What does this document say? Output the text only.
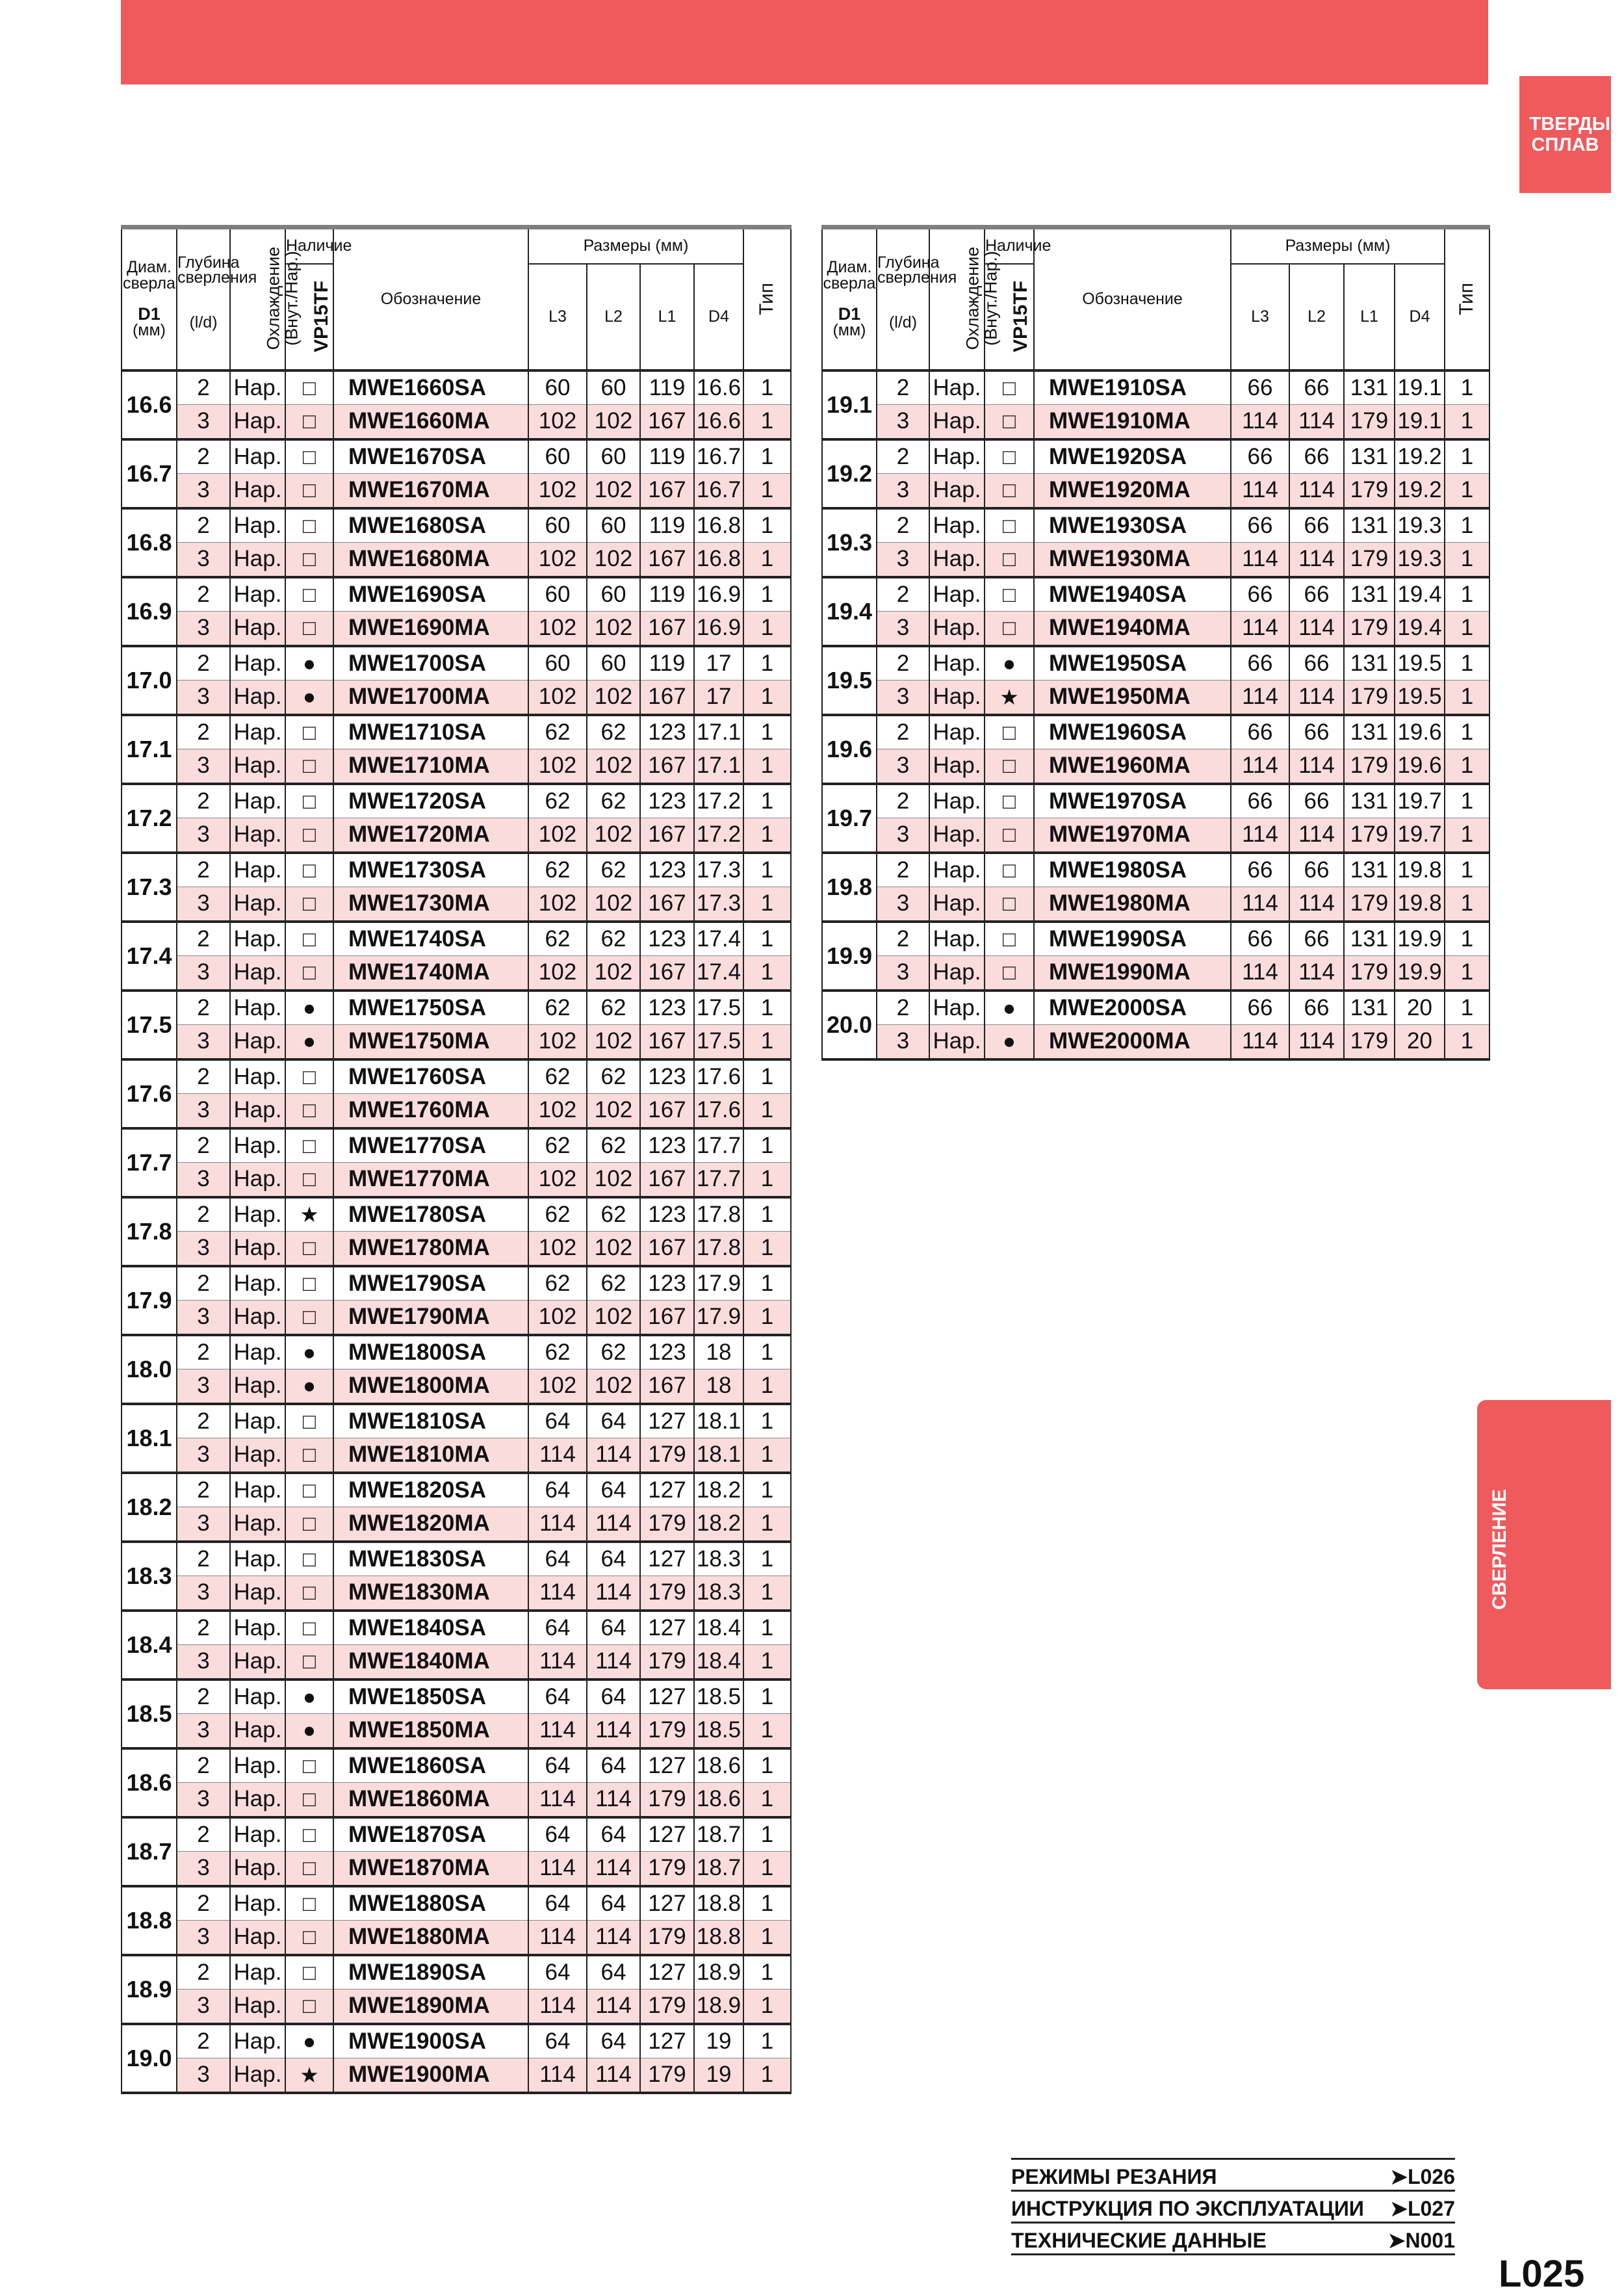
ТВЕРДЫЙ СПЛАВ
СВЕРЛЕНИЕ
Диам.
сверла
D1
(мм)	Глубина
сверления

(l/d)	Охлаждение
(Внут./Нар.)	Наличие	Обозначение	Размеры (мм)				Тип
			VP15TF		L3	L2	L1	D4	
16.6	2	Нар.	□	MWE1660SA	60	60	119	16.6	1
	3	Нар.	□	MWE1660MA	102	102	167	16.6	1
16.7	2	Нар.	□	MWE1670SA	60	60	119	16.7	1
	3	Нар.	□	MWE1670MA	102	102	167	16.7	1
16.8	2	Нар.	□	MWE1680SA	60	60	119	16.8	1
	3	Нар.	□	MWE1680MA	102	102	167	16.8	1
16.9	2	Нар.	□	MWE1690SA	60	60	119	16.9	1
	3	Нар.	□	MWE1690MA	102	102	167	16.9	1
17.0	2	Нар.	●	MWE1700SA	60	60	119	17	1
	3	Нар.	●	MWE1700MA	102	102	167	17	1
17.1	2	Нар.	□	MWE1710SA	62	62	123	17.1	1
	3	Нар.	□	MWE1710MA	102	102	167	17.1	1
17.2	2	Нар.	□	MWE1720SA	62	62	123	17.2	1
	3	Нар.	□	MWE1720MA	102	102	167	17.2	1
17.3	2	Нар.	□	MWE1730SA	62	62	123	17.3	1
	3	Нар.	□	MWE1730MA	102	102	167	17.3	1
17.4	2	Нар.	□	MWE1740SA	62	62	123	17.4	1
	3	Нар.	□	MWE1740MA	102	102	167	17.4	1
17.5	2	Нар.	●	MWE1750SA	62	62	123	17.5	1
	3	Нар.	●	MWE1750MA	102	102	167	17.5	1
17.6	2	Нар.	□	MWE1760SA	62	62	123	17.6	1
	3	Нар.	□	MWE1760MA	102	102	167	17.6	1
17.7	2	Нар.	□	MWE1770SA	62	62	123	17.7	1
	3	Нар.	□	MWE1770MA	102	102	167	17.7	1
17.8	2	Нар.	★	MWE1780SA	62	62	123	17.8	1
	3	Нар.	□	MWE1780MA	102	102	167	17.8	1
17.9	2	Нар.	□	MWE1790SA	62	62	123	17.9	1
	3	Нар.	□	MWE1790MA	102	102	167	17.9	1
18.0	2	Нар.	●	MWE1800SA	62	62	123	18	1
	3	Нар.	●	MWE1800MA	102	102	167	18	1
18.1	2	Нар.	□	MWE1810SA	64	64	127	18.1	1
	3	Нар.	□	MWE1810MA	114	114	179	18.1	1
18.2	2	Нар.	□	MWE1820SA	64	64	127	18.2	1
	3	Нар.	□	MWE1820MA	114	114	179	18.2	1
18.3	2	Нар.	□	MWE1830SA	64	64	127	18.3	1
	3	Нар.	□	MWE1830MA	114	114	179	18.3	1
18.4	2	Нар.	□	MWE1840SA	64	64	127	18.4	1
	3	Нар.	□	MWE1840MA	114	114	179	18.4	1
18.5	2	Нар.	●	MWE1850SA	64	64	127	18.5	1
	3	Нар.	●	MWE1850MA	114	114	179	18.5	1
18.6	2	Нар.	□	MWE1860SA	64	64	127	18.6	1
	3	Нар.	□	MWE1860MA	114	114	179	18.6	1
18.7	2	Нар.	□	MWE1870SA	64	64	127	18.7	1
	3	Нар.	□	MWE1870MA	114	114	179	18.7	1
18.8	2	Нар.	□	MWE1880SA	64	64	127	18.8	1
	3	Нар.	□	MWE1880MA	114	114	179	18.8	1
18.9	2	Нар.	□	MWE1890SA	64	64	127	18.9	1
	3	Нар.	□	MWE1890MA	114	114	179	18.9	1
19.0	2	Нар.	●	MWE1900SA	64	64	127	19	1
	3	Нар.	★	MWE1900MA	114	114	179	19	1
Диам.
сверла
D1
(мм)	Глубина
сверления

(l/d)	Охлаждение
(Внут./Нар.)	Наличие	Обозначение	Размеры (мм)				Тип
			VP15TF		L3	L2	L1	D4	
19.1	2	Нар.	□	MWE1910SA	66	66	131	19.1	1
	3	Нар.	□	MWE1910MA	114	114	179	19.1	1
19.2	2	Нар.	□	MWE1920SA	66	66	131	19.2	1
	3	Нар.	□	MWE1920MA	114	114	179	19.2	1
19.3	2	Нар.	□	MWE1930SA	66	66	131	19.3	1
	3	Нар.	□	MWE1930MA	114	114	179	19.3	1
19.4	2	Нар.	□	MWE1940SA	66	66	131	19.4	1
	3	Нар.	□	MWE1940MA	114	114	179	19.4	1
19.5	2	Нар.	●	MWE1950SA	66	66	131	19.5	1
	3	Нар.	★	MWE1950MA	114	114	179	19.5	1
19.6	2	Нар.	□	MWE1960SA	66	66	131	19.6	1
	3	Нар.	□	MWE1960MA	114	114	179	19.6	1
19.7	2	Нар.	□	MWE1970SA	66	66	131	19.7	1
	3	Нар.	□	MWE1970MA	114	114	179	19.7	1
19.8	2	Нар.	□	MWE1980SA	66	66	131	19.8	1
	3	Нар.	□	MWE1980MA	114	114	179	19.8	1
19.9	2	Нар.	□	MWE1990SA	66	66	131	19.9	1
	3	Нар.	□	MWE1990MA	114	114	179	19.9	1
20.0	2	Нар.	●	MWE2000SA	66	66	131	20	1
	3	Нар.	●	MWE2000MA	114	114	179	20	1
РЕЖИМЫ РЕЗАНИЯ	➤L026
ИНСТРУКЦИЯ ПО ЭКСПЛУАТАЦИИ ➤L027
ТЕХНИЧЕСКИЕ ДАННЫЕ	➤N001
L025
